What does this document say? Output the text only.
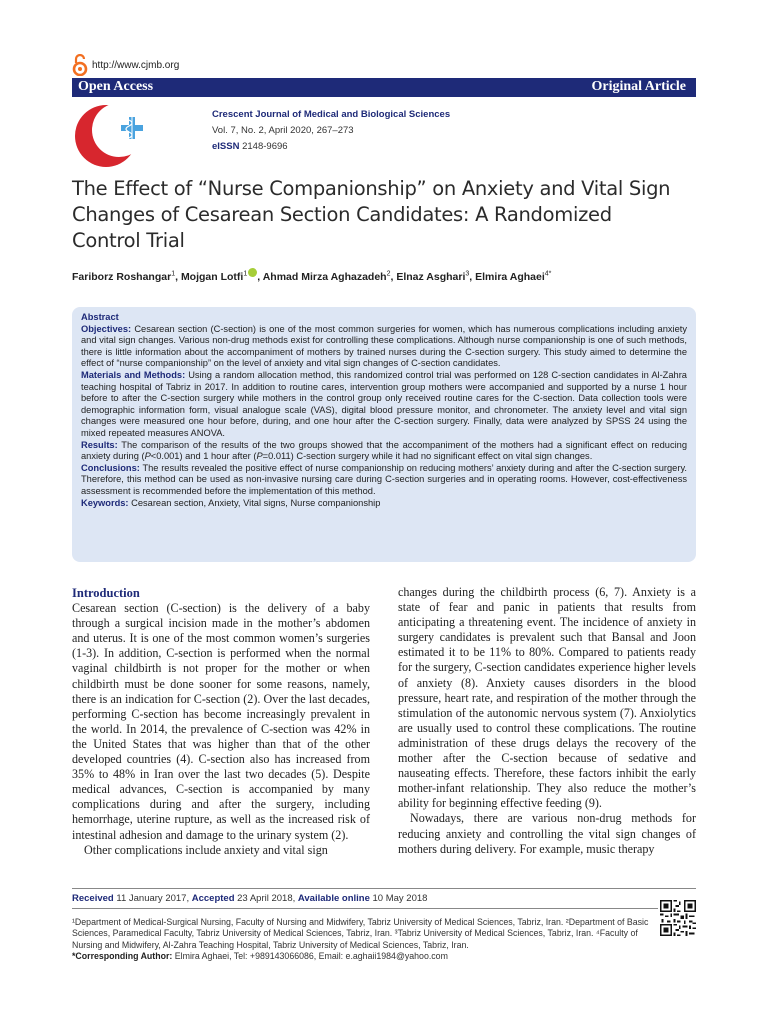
http://www.cjmb.org
Open Access	Original Article
Crescent Journal of Medical and Biological Sciences
Vol. 7, No. 2, April 2020, 267–273
eISSN 2148-9696
The Effect of “Nurse Companionship” on Anxiety and Vital Sign Changes of Cesarean Section Candidates: A Randomized Control Trial
Fariborz Roshangar$^1$, Mojgan Lotfi$^1$ , Ahmad Mirza Aghazadeh$^2$, Elnaz Asghari$^3$, Elmira Aghaei$^{4*}$

Abstract

Objectives: Cesarean section (C-section) is one of the most common surgeries for women, which has numerous complications including anxiety and vital sign changes. Various non-drug methods exist for controlling these complications. Although nurse companionship is one of such methods, there is little information about the accompaniment of mothers by trained nurses during the C-section surgery. This study aimed to determine the effect of “nurse companionship” on the level of anxiety and vital sign changes of C-section candidates.

Materials and Methods: Using a random allocation method, this randomized control trial was performed on 128 C-section candidates in Al-Zahra teaching hospital of Tabriz in 2017. In addition to routine cares, intervention group mothers were accompanied and supported by a nurse 1 hour before to after the C-section surgery while mothers in the control group only received routine cares for the C-section. Data collection tools were demographic information form, visual analogue scale (VAS), digital blood pressure monitor, and chronometer. The anxiety level and vital sign changes were measured one hour before, during, and one hour after the C-section surgery. Finally, data were analyzed by SPSS 24 using the mixed repeated measures ANOVA.

Results: The comparison of the results of the two groups showed that the accompaniment of the mothers had a significant effect on reducing anxiety during (P<0.001) and 1 hour after (P=0.011) C-section surgery while it had no significant effect on vital sign changes.

Conclusions: The results revealed the positive effect of nurse companionship on reducing mothers’ anxiety during and after the C-section surgery. Therefore, this method can be used as non-invasive nursing care during C-section surgeries and in operating rooms. However, cost-effectiveness assessment is recommended before the implementation of this method.

Keywords: Cesarean section, Anxiety, Vital signs, Nurse companionship

Introduction

Cesarean section (C-section) is the delivery of a baby through a surgical incision made in the mother’s abdomen and uterus. It is one of the most common women’s surgeries (1-3). In addition, C-section is performed when the normal vaginal childbirth is not proper for the mother or when childbirth must be done sooner for some reasons, namely, there is an indication for C-section (2). Over the last decades, performing C-section has become increasingly prevalent in the world. In 2014, the prevalence of C-section was 42% in the United States that was higher than that of the other developed countries (4). C-section also has increased from 35% to 48% in Iran over the last two decades (5). Despite medical advances, C-section is accompanied by many complications during and after the surgery, including hemorrhage, uterine rupture, as well as the increased risk of intestinal adhesion and damage to the urinary system (2).

Other complications include anxiety and vital sign

changes during the childbirth process (6, 7). Anxiety is a state of fear and panic in patients that results from anticipating a threatening event. The incidence of anxiety in surgery candidates is prevalent such that Bansal and Joon estimated it to be 11% to 80%. Compared to patients ready for the surgery, C-section candidates experience higher levels of anxiety (8). Anxiety causes disorders in the blood pressure, heart rate, and respiration of the mother through the stimulation of the autonomic nervous system (7). Anxiolytics are usually used to control these complications. The routine administration of these drugs delays the recovery of the mother after the C-section because of sedative and nauseating effects. Therefore, these factors inhibit the early mother-infant relationship. They also reduce the mother’s ability for beginning effective feeding (9).

Nowadays, there are various non-drug methods for reducing anxiety and controlling the vital sign changes of mothers during delivery. For example, music therapy

Received 11 January 2017, Accepted 23 April 2018, Available online 10 May 2018
¹Department of Medical-Surgical Nursing, Faculty of Nursing and Midwifery, Tabriz University of Medical Sciences, Tabriz, Iran. ²Department of Basic Sciences, Paramedical Faculty, Tabriz University of Medical Sciences, Tabriz, Iran. ³Tabriz University of Medical Sciences, Tabriz, Iran. ⁴Faculty of Nursing and Midwifery, Al-Zahra Teaching Hospital, Tabriz University of Medical Sciences, Tabriz, Iran.
*Corresponding Author: Elmira Aghaei, Tel: +989143066086, Email: e.aghaii1984@yahoo.com
